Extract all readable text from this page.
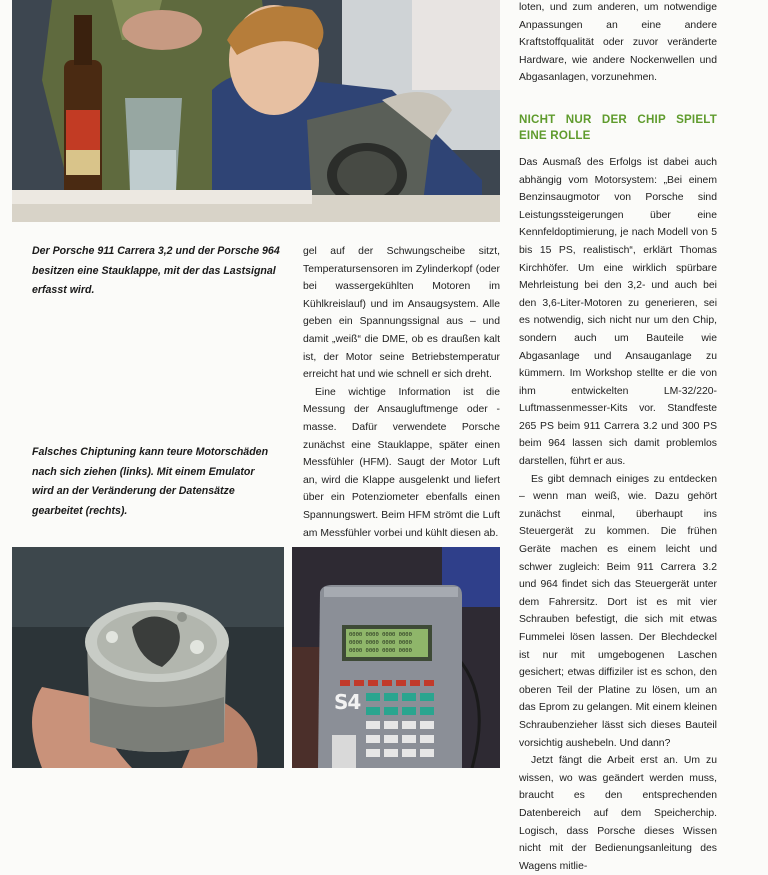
Der Porsche 911 Carrera 3,2 und der Porsche 964 besitzen eine Stauklappe, mit der das Lastsignal erfasst wird.

Falsches Chiptuning kann teure Motorschäden nach sich ziehen (links). Mit einem Emulator wird an der Veränderung der Datensätze gearbeitet (rechts).

gel auf der Schwungscheibe sitzt, Temperatursensoren im Zylinderkopf (oder bei wassergekühlten Motoren im Kühlkreislauf) und im Ansaugsystem. Alle geben ein Spannungssignal aus – und damit „weiß“ die DME, ob es draußen kalt ist, der Motor seine Betriebstemperatur erreicht hat und wie schnell er sich dreht.

Eine wichtige Information ist die Messung der Ansaugluftmenge oder -masse. Dafür verwendete Porsche zunächst eine Stauklappe, später einen Messfühler (HFM). Saugt der Motor Luft an, wird die Klappe ausgelenkt und liefert über ein Potenziometer ebenfalls einen Spannungswert. Beim HFM strömt die Luft am Messfühler vorbei und kühlt diesen ab.

loten, und zum anderen, um notwendige Anpassungen an eine andere Kraftstoffqualität oder zuvor veränderte Hardware, wie andere Nockenwellen und Abgasanlagen, vorzunehmen.

NICHT NUR DER CHIP SPIELT EINE ROLLE

Das Ausmaß des Erfolgs ist dabei auch abhängig vom Motorsystem: „Bei einem Benzinsaugmotor von Porsche sind Leistungssteigerungen über eine Kennfeldoptimierung, je nach Modell von 5 bis 15 PS, realistisch“, erklärt Thomas Kirchhöfer. Um eine wirklich spürbare Mehrleistung bei den 3,2- und auch bei den 3,6-Liter-Motoren zu generieren, sei es notwendig, sich nicht nur um den Chip, sondern auch um Bauteile wie Abgasanlage und Ansauganlage zu kümmern. Im Workshop stellte er die von ihm entwickelten LM-32/220-Luftmassenmesser-Kits vor. Standfeste 265 PS beim 911 Carrera 3.2 und 300 PS beim 964 lassen sich damit problemlos darstellen, führt er aus.

Es gibt demnach einiges zu entdecken – wenn man weiß, wie. Dazu gehört zunächst einmal, überhaupt ins Steuergerät zu kommen. Die frühen Geräte machen es einem leicht und schwer zugleich: Beim 911 Carrera 3.2 und 964 findet sich das Steuergerät unter dem Fahrersitz. Dort ist es mit vier Schrauben befestigt, die sich mit etwas Fummelei lösen lassen. Der Blechdeckel ist nur mit umgebogenen Laschen gesichert; etwas diffiziler ist es schon, den oberen Teil der Platine zu lösen, um an das Eprom zu gelangen. Mit einem kleinen Schraubenzieher lässt sich dieses Bauteil vorsichtig aushebeln. Und dann?

Jetzt fängt die Arbeit erst an. Um zu wissen, wo was geändert werden muss, braucht es den entsprechenden Datenbereich auf dem Speicherchip. Logisch, dass Porsche dieses Wissen nicht mit der Bedienungsanleitung des Wagens mitlie-

S4
0000 0000 0000 0000
0000 0000 0000 0000
0000 0000 0000 0000
